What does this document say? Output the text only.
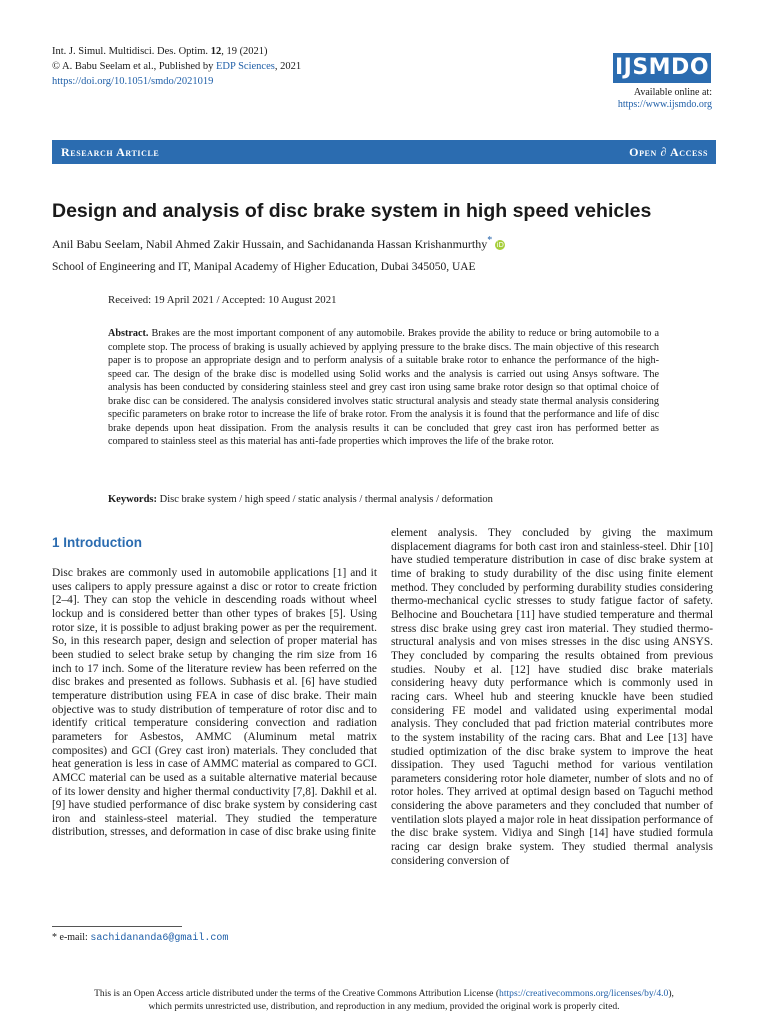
Int. J. Simul. Multidisci. Des. Optim. 12, 19 (2021)
© A. Babu Seelam et al., Published by EDP Sciences, 2021
https://doi.org/10.1051/smdo/2021019
IJSMDO
Available online at:
https://www.ijsmdo.org
Research Article	Open ∂ Access
Design and analysis of disc brake system in high speed vehicles
Anil Babu Seelam, Nabil Ahmed Zakir Hussain, and Sachidananda Hassan Krishanmurthy* iD
School of Engineering and IT, Manipal Academy of Higher Education, Dubai 345050, UAE
Received: 19 April 2021 / Accepted: 10 August 2021
Abstract. Brakes are the most important component of any automobile. Brakes provide the ability to reduce or bring automobile to a complete stop. The process of braking is usually achieved by applying pressure to the brake discs. The main objective of this research paper is to propose an appropriate design and to perform analysis of a suitable brake rotor to enhance the performance of the high-speed car. The design of the brake disc is modelled using Solid works and the analysis is carried out using Ansys software. The analysis has been conducted by considering stainless steel and grey cast iron using same brake rotor design so that optimal choice of brake disc can be considered. The analysis considered involves static structural analysis and steady state thermal analysis considering specific parameters on brake rotor to increase the life of brake rotor. From the analysis it is found that the performance and life of disc brake depends upon heat dissipation. From the analysis results it can be concluded that grey cast iron has performed better as compared to stainless steel as this material has anti-fade properties which improves the life of the brake rotor.
Keywords: Disc brake system / high speed / static analysis / thermal analysis / deformation
1 Introduction
Disc brakes are commonly used in automobile applications [1] and it uses calipers to apply pressure against a disc or rotor to create friction [2–4]. They can stop the vehicle in descending roads without wheel lockup and is considered better than other types of brakes [5]. Using rotor size, it is possible to adjust braking power as per the requirement. So, in this research paper, design and selection of proper material has been studied to select brake setup by changing the rim size from 16 inch to 17 inch. Some of the literature review has been referred on the disc brakes and presented as follows. Subhasis et al. [6] have studied temperature distribution using FEA in case of disc brake. Their main objective was to study distribution of temperature of rotor disc and to identify critical temperature considering convection and radiation parameters for Asbestos, AMMC (Aluminum metal matrix composites) and GCI (Grey cast iron) materials. They concluded that heat generation is less in case of AMMC material as compared to GCI. AMCC material can be used as a suitable alternative material because of its lower density and higher thermal conductivity [7,8]. Dakhil et al. [9] have studied performance of disc brake system by considering cast iron and stainless-steel material. They studied the temperature distribution, stresses, and deformation in case of disc brake using finite
element analysis. They concluded by giving the maximum displacement diagrams for both cast iron and stainless-steel. Dhir [10] have studied temperature distribution in case of disc brake system at time of braking to study durability of the disc using finite element method. They concluded by performing durability studies considering thermo-mechanical cyclic stresses to study fatigue factor of safety. Belhocine and Bouchetara [11] have studied temperature and thermal stress disc brake using grey cast iron material. They studied thermo-structural analysis and von mises stresses in the disc using ANSYS. They concluded by comparing the results obtained from previous studies. Nouby et al. [12] have studied disc brake materials considering heavy duty performance which is commonly used in racing cars. Wheel hub and steering knuckle have been studied considering FE model and validated using experimental modal analysis. They concluded that pad friction material contributes more to the system instability of the racing cars. Bhat and Lee [13] have studied optimization of the disc brake system to improve the heat dissipation. They used Taguchi method for various ventilation parameters considering rotor hole diameter, number of slots and no of rotor holes. They arrived at optimal design based on Taguchi method considering the above parameters and they concluded that number of ventilation slots played a major role in heat dissipation performance of the disc brake system. Vidiya and Singh [14] have studied formula racing car design brake system. They studied thermal analysis considering conversion of
* e-mail: sachidananda6@gmail.com
This is an Open Access article distributed under the terms of the Creative Commons Attribution License (https://creativecommons.org/licenses/by/4.0),
which permits unrestricted use, distribution, and reproduction in any medium, provided the original work is properly cited.
